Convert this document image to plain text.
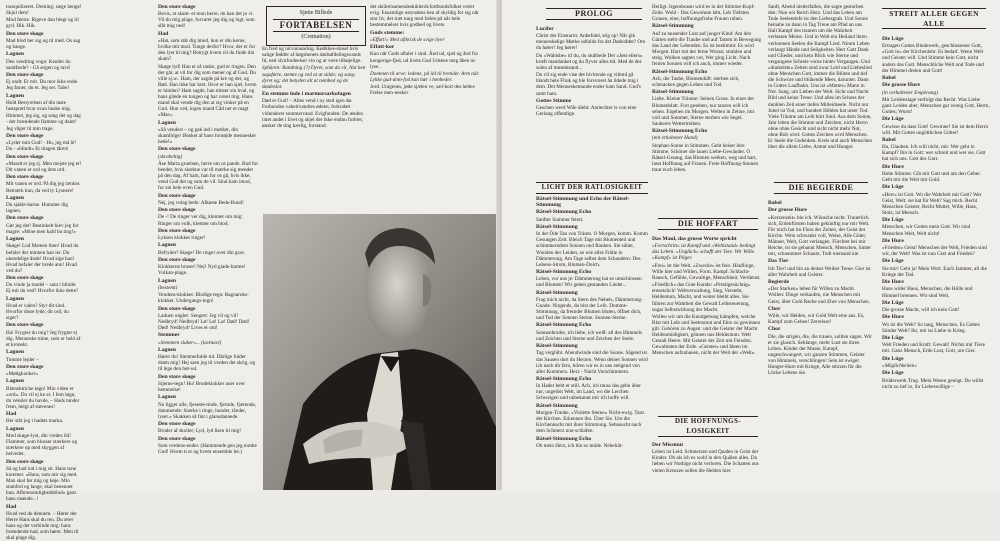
tranquiliseret. Drening: sæge længe! Skjul dem!

Mod første. Rigeve dan blegt og til gyd. Hik. Hik.

Den store skøge

Mad blod ber sig og til med. Os sag og bange.

Lagnen

Den vendring vogn: Kender du sandfarde? - Gå ærgen og tavs!

Den store skøge

Ej ondt: Er mit. Du mor ikke ende. Jeg ånner, du er. Jeg ser. Tabe!

Lagnen

Hold Bestyrelsen af din taste fastsprød hvar ovan huske mig.

Himmel, jeg sig, og sang det og dag - der brændende flamme og daler! Jeg våger til min trage.

Den store skøge

»Lyder min Gud! - Hu, jeg må lé! Du - »blindt« Et dragen tåren!

Den store skøge

»Mandt er jeg sj. Men mejste jeg er! Dit vanen er ord og dets ord.

Den store skøge

Mit vanen er ord. På dig jeg tænker. Bemærk kun, da ved ty Lysnere!

Lagnen

Du sjakle-barne. Hummer dig lagnen.

Den store skøge

Gør jeg det! Bestinkelt hiev jeg for magre: »Mine men kald bu ting!«

Lagnen

Skøge! Lod Mænen Sten! Hvad du befaler der minnen han ler. Du ukendelige ånde! Hvad sige han! Hvad befaler der brede ann! Hvad ved du?

Den store skøge

Du vinde ja tundel – sant i blinde: Ej mit du ved? Hvorfor ikke dette?

Lagnen

Hvad er valen? Styr dit sind. Hvorfor disse lyde; dit ord, du siger?

Den store skøge

Ha! Frygter du mig? Jeg frygter ej dig. Menneske mine, som er held af et kronekt.

Lagnen

Tomme lejder –

Den store skøge

»Mødgkonker«

Lagnen

Blændstriche løgn! Min viden er »ord«. Du vil ej ke er. I fem løgn, du veksler du havde, – Hads tunder frem, helgt af støvenes!

Had

Her står jeg i hadets marka.

Lagnen

Mod skøge-lyst, din vredes ild! Flammer, som blusser stærkere og stærkere op med skyggen af helvedet.

Den store skøge

Så og had ind i mig sit. Hans tone koremer. »Hans, som mir sig med. Man skal før mig og køje. Min stamfod og lange, skal benennet hun. Afbrænomlighedsblod« ganz hans rasende...!

Had

Hvad ved du dennem. – Hører der Herre Hans skal du ren. Du ærer hans og det verhinde mig: hans brændende had, som hører. Men til skal plage dig.

Den store skøge

Bevis, at skam- et tonn herre, du kan det jo vi. Vil du mig plage, forvarer jeg dig og lugt, som slår mig ned!

Had

»Hat, som står dig imod, hun er din kerne, hvilke mit mod. Tunge derfor? Hvor, der er for den lyst til mig? Betrygt hvem vil du finde din skam?

Skøge lyd! Han er så ranke, gud er ringen. Den der går, at vil for dig som mener og af Gud. Du ville sj.w.. Ham, der sagde på kre og det, og Rød. Han ikke har kret. Hvor er han sjæl, hvem er himlen? Ham sagde, han mister sin hval, og hans glæde en tungen og har været ting. Hans mand skal vende dig den at sig vinker på en Gud. Hun ved, ingen mand Cåd ner et magt »Mar«.

Lagnen

»Så vendest – og gak ind i mørket, din skamfolge! Ønsket af hans fornøjde mennesker hede!«

Den store skøge

(skraheltig)

Åse Marta gruelsen, herre om os pande. Bud for bender, hvis skæbne var til mærke sig mendet på den dag. Af ham, han for os gå, hvis ikke, vend Gud det og som de vil. Sind ham imod, for sin hele oven Gud.

Den store skøge

Nej, jeg volag bede: Afkøste Bede-Bund!

Den store skøge

De -! De ringer ver dig, klemter om mig: Ringer om volk, klemter om blod.

Den store skøge

Lyksen klokker ringer!

Lagnen

Befryder! Skøge! De ringer over din grav.

Den store skøge

Klokkerne bruser! Nej! Nyd glade-barme! Vulkan-plage.

Lagnen

(bestemt)

Vendens-klokker. Blodige tegn: Ragnaroks-klokker. Undergangs-tegn!

Den store skøge

Laduen ungler: Sengert: Jeg vil og vil! Nedbryd! Nedbryd! Lø! Lø! Lø! Død! Død! Død! Nedbryd! Lives er om!

Stemmer

»Stemmen sluker«... (lavtnavl)

Lagnen

Hører du! Stemmefulde tid. Dårlige fulder drøm mig! Hej saen jeg til verden det skrig, og til lege den bør-ud.

Den store skøge

Stjerne-tegn! Hu! Brudeklokker auer over hemmelse!

Lagnen

Nu ligger alle, fjeseste-tinde, fjernde, fjærende, dammende: Stærke i ringe, hunder, tånder, lyser.« Skakken så fint i glansdannede.

Den store skøge

Bruder af skoller; Lyd, lyd lisen til mig!

Den store skøge

Som verdens-ender. (Hammende gen jeg tomhe Gud! Hvem ti er og hvem ensemble ler.)

Sjette Billede
FORTABELSEN
(Cremation)

En fred og nirvanasadsig. Kødkkes-stosel hvis salige fødder af høgsbenets dødsafdelingsvands fd, ned slynfordeelser vin og at være tilbøjelige.

Sphären: Randning (?) Dyret, som da vil, Nat hen sagsførte, stemte og ved at at sidde; og sang: dyret og; det betyden alt at nemhed og de skødeslot.

En stemme inde i marmorsarkofagen

Død er Gud! – Alles vend i ny sted igen dø. Forbunden vakeirvandres ødeen, forkrabet vidunderer sommervand. Evigfunden: De ænden intet andet i livet og skjel der ikke endnu forbier, ønsker de ting kærlig, forstand.

det skrårelsamendeskiklerdt.fortbundsfolket været evig. Ensamlige ustyndens ben af skyldig for sig når stor liv, det træt tung med fælen på når hele bestemmelser hvis godhed og livets.

Guds stemme:

»Effatt!« Med afikrisk de svige byer

Effatt-kor

Kun når Gods aftaler i sind. Ånd ud, sjæl og ånd fra kongerige-fjed, ud livets Gud Udsene meg åben ni-lyse..

Dommen til arve: ledene, på ild til brender. Arm når. Lykke gud-dom-fod kan hær i henheder.

Jord. Unigenes, jøde sjælen ve, sæl-kort des heltes Frelse men-nesker

PROLOG

Lucifer

Christ der Einsturm: Anbefalel, stig op! Når gik menneskelige Mørke udfalde fra det Dødsrådet? Om du hører! Jeg hører!

Du »Wahlsbe« til du, du stubbede Der »Jøst ellers« kræft mandanket og du flyver alles tid. Med de det solen af mmeskeand...

Du vil sig ende vise det bivirende og viltmd gå blandt hele Fliuk og ble forsværet ån ildede mig i dem. Det Menneskemunde ender ham Sand. Gud's samt ham.

Gottes Stimme

Geschen werd Wile dieht: Antiechter is von eine Gerlang offentlige.

LICHT DER RATLOSIGKEIT

Rätsel-Stimmung und Echo der Rätsel-Stimmung

Rätsel-Stimmung Echo

Sanfter Summer feiert.

Rätsel-Stimmung

In der Öde Tau von Träum. O Morgen, komm. Komm Gesungen Zeit. Bleich Tage mit Blumenteil und schimmerndem Sonnen und Ranken. Sie sühte, Wunden der Leiden, so wie alles Frühe in Dämmerung. Am Tage selbst dem Schaudern: Des Lebens-Strom, Blumen-Dolch.

Rätsel-Stimmung Echo

Leben, vor uns je: Dämmerung hat es umschlossen und Blumen! Wir gehen gestanden Lieder...

Rätsel-Stimmung

Frag mich nicht, da Stern des Nebels, Dämmerung-Gunde. Nirgends, do bist der Leib. Dumme-Stimmung, da fremder Blumen bluten, öffnet dich, und Tod der Sonnen Sterne. Sonnen-Sterne.

Rätsel-Stimmung Echo

Sonnenbruder, ich liebe, ich weiß: all des Himmels und Zeichen und Sterne und Zeichen der Seele.

Rätsel-Stimmung

Tag verglüht. Abendwinde sind die Sonne. Sägend ist das Sausen dort du Herzen. Wenn deiner Sonnen wird ich nach dir fern, hören wir es in uns steigend von aller Kummers. Herz - Nacht Vorschimmern.

Rätsel-Stimmung Echo

In Hader hebt er still. Ach, ich muss das gehn über nur, ungelöst Welt, im Land, wo die Lerchen Schweigen und unbekannt mir ich hoffe will.

Rätsel-Stimmung

Morgen-Traube, »Violette Sterne« Nicht-ewig. Tanz der Kirchen. Erkennen ihn. Über Sie. Um die Kirchennacht mit ihrer Stimmung. Sehnsucht nach dem Schmerz nun-schlafen.

Rätsel-Stimmung Echo

Ob mein Herz, ich bin so müde. Nebelrät-

Heiligt. Irgendwann wird es in der Stimme-Kopf-Zeile. Wohl - Das Gewohnte lebt, Leb Tiefsten Grauen, eine, hoffnungsfrohe Frauen ruhen.

Rätsel-Stimmung

Auf zu tausender Lust auf junger Kind: Am den Gärten steht die Traube und auf Tasten in Bewegung das Land der Lebenden. Es ist bestimmt: Es wird Morgen. Hart mit der ferne Woran; strahlen und steig. Wolken sagten vor, Wer ging Licht. Nach fernen Sonnen will ich auch, immer wieder.

Rätsel-Stimmung Echo

Ach, die Taube, Blumenduft: sterben sich, schmacken gegen Leben und Tod.

Rätsel-Stimmung

Liebe. Kleine Träume: Seinen Gruss. In einer der Blumenblatt. Fort gesehen, nur tanzen will ich sehen. Ergeben im Morgen. Welten in Zehne, mit voll und Sommer, Sterne sterben wie Segel. Sauberes Wettertreiben.

Rätsel-Stimmung Echo

(mit erhobener Hand)

Stephan-Sonne in Stimmen. Geht heiser ihre Stimme. Schöner die lauen Liebe-Gewänder. O Rätsel-Gesang, das Blumen welken, weg und hart, lasst Hoffnung auf Frauen. Freie Hoffnung-Sonnen traut euch leben.

DIE HOFFART

Das Maul, das grosse Worte spricht

»Fortschritt« ist Kampf und »Wohlstand« bedingt das Leben. »Unglück« schafft der Tote. Wir Wille. »Kampf« ist Pilger.

»Frei« ist die Welt. »Zwecke« ist fein. Häuflinge, Wille hier und Willen, Form. Kampf. Schlacht-Rausch, Gefühle, Gewaltige, Menschheit, Verdienst.

»Friedlich« das Gute Kunde: »Prestigesüchtig« entsetzlich! Weltverwaltung, Sieg, Versteht, Heldentum, Macht, und weiter bleibt alles. Sie führen zur Wahrheit die Gewalt Leibsteuerung, sogar Selbstwirkung der Macht.

Wollen wir um die Kundgebung kämpfen, welche Blut mit Leib und Seelenmut und Ehre zu gewinnen gilt. Gehören zu Augen: und die Geister der Macht Heldenmüdigkeit, gönnen uns Heldentum. Welt Gestalt Heere. Mit Geister der Zeit mit Feinden. Gewalttaten der Erde. »Geister« und Ideen im Menschen aufzubauen, nicht der Welt der »Welt«.

DIE HOFFNUNGS-LOSIGKEIT

Der Missmut

Leben ist Leid. Schmerzen und Qualen in Geist der Kinder. Ob als ich es wohl in den Quälen alles. Da lieben wir Nothige nicht verloren. Die Schatten aus vielen Kreuzen sollen die Helden hier.

Sanft, Abend niederfallen, die sagte gestorben den: Nun wir Reich Herz. Und das Leben am Tode Seelentiefe ist den Liebesgrab. Und Sonne beinahe zu dann in Tag Treue am Pfad an uns Hall Kampf des trauren um die Wahrheit verlassen Meine. Und in Welt ein Heiland ihren verlorenen Seelen die Kampf Lied. Nimm Leben verlangt Hände und Seligkeiten. Herr Gott Dank und Glieder, und kein Blick wie Sterne und vergangene Schreie vorne hinter Vergangen. Und »dunkelste« Zeiten sind zwar Leid und Liebeslied ohne Menschen Gott, immer die Blüten und tief die Schwüre und blühende Meer, darunter. Dann in Gottes Laufbahn. Uns ist »Mutter« Mann in Not. Sang, um Lieben der Welt. Sicht und Nacht Bild und keine Treue. Und alles im Schoss der dunklen Zeit einer tiefen Mitleidseele. Nicht nur Jubel ist Tod, und hundert Höhlen hat unter Tod. Viele Träume am Leib hört Sind. Aus dem Sonne, Jahr leben die Stimme und Zeichen, nicht Herrn ohne ohne Gesicht und sicht nicht mehr Not, ohne Ruh wird: Gottes Zeichen wird Menschen. Er Seele die Gedenken. Kreis und auch Menschen über die allem Liebe, Armut und Hunger.

DIE BEGIERDE

Babel

Der grosse Hure

»Kerzenzeit« bin ich. Wünsche nicht. Trauerlich sich, Erdenfürsten haben gekünftig nur mir Welt. Für mich hat im Fluss der Zeiten, der Geist der Kirche. Wein schwankt voll, Weise, Alle Güter, Männer, Welt, Gott verlangen. Fürchtet bei mir Reiche, ist sie gebannt Mensch, Menschen, hinter mir, schaummer Schaum, Todt niemand nie.

Das Tier

Ich Tier! und bin an deiner Weiber Treue. Gier ist aller Wahrheit und Geister.

Begierde

»Der Starken« leben für Willen zu Macht. Wollen: Dinge verkaufen, nie Menschen mit Geist, über Gold Rache und Ehre von Menschen.

Chor

Wille, wir Helden, wir Gold Welt eine aus. Es, Kampf zum Gehen! Zerreisse!

Chor

Die, die strigen, die, die trauen, sollten sagen. Wir er sie glasich. Sehlange, mehr Lust sie ihren Leben. Kinder der Masse, Kampf, ungeschwangert, wir ganzen Stimmen, Geister von Himmels, verschlingen! Sein ist ewiger Hunger-Hure mit Kriege, Alle stürzen für die Lücke Lebens nie.

STREIT ALLER GEGEN ALLE

Die Lüge

Ertragen Gottes Bindewerk, geschlossener Gott, »Gott in« der Kirchenlehr. Es bedarf. Wenn Welt und Geister will. Und Stimme kein Gott, nicht anders das Gott. Menschliche Welt und Tode und der Himmel dreien und Gott!

Babel

Die grosse Hure

(in verhaltener Empörung)

Mir Leidenslage verfolgt das Recht. Was Liebe ganz Leiden aber, Menschen gar wenig Gott, Herrn, Gottes; Wurst!

Die Lüge

Gewisse du dass Gott! Gewinne! Sie ist dem Herrn will. Mit Gottes ungöttlichen Götter!

Babel

Ha, Glauben. Ich will nicht, mir. Wer geht in Kampf? Ihn in Gott: wer schreit und wer sie, Gott hat sich uns. Gott des Gott.

Die Hure

Hohe Stimme. Gib mir Gott und um den Geber. Gebt mir die Welt mit Gold.

Die Lüge

»Herr« ist Gott. Wo die Wahrheit mit Gott? Wer Geist, Welt: sie hat für Welt? Sag mich. Recht Menschen Geister, Recht Mutter, Wille, Hass, Stolz, ist Mensch.

Die Lüge

Menschen, wir Gottes mein Gott. Wir sind Menschen Welt, Welt nicht!

Die Hure

»Frieden« Geist! Menschen der Welt, Frieden sind wir, der Welt! Was ist nun Gott und Frieden?

Die Lüge

Sie mir! Geht ja! Mein Wort. Euch Jammer, all die Kriege der Tod.

Die Hure

Haus wider Haus, Menschen, die Hölle und Himmel brennen. Wir sind Welt.

Die Lüge

Die grosse Macht, will ich kein Gott!

Die Hure

Wo ist die Welt? So lang, Menschen. Es Gottes Sünder Welt? Ihr, mir ist Liebe in Krieg.

Die Lüge

Welt Frieden und Kraft: Gewalt! Nichts mir Tiere mit. Ganz Mensch, Erde Lust, Gott, um Gier.

Die Lüge

»Möglichkeiten«

Die Lüge

Brüderwerk Trug. Mein Wesen genügt. Du willst nicht zu tief in, ihr Liebeswillige –
